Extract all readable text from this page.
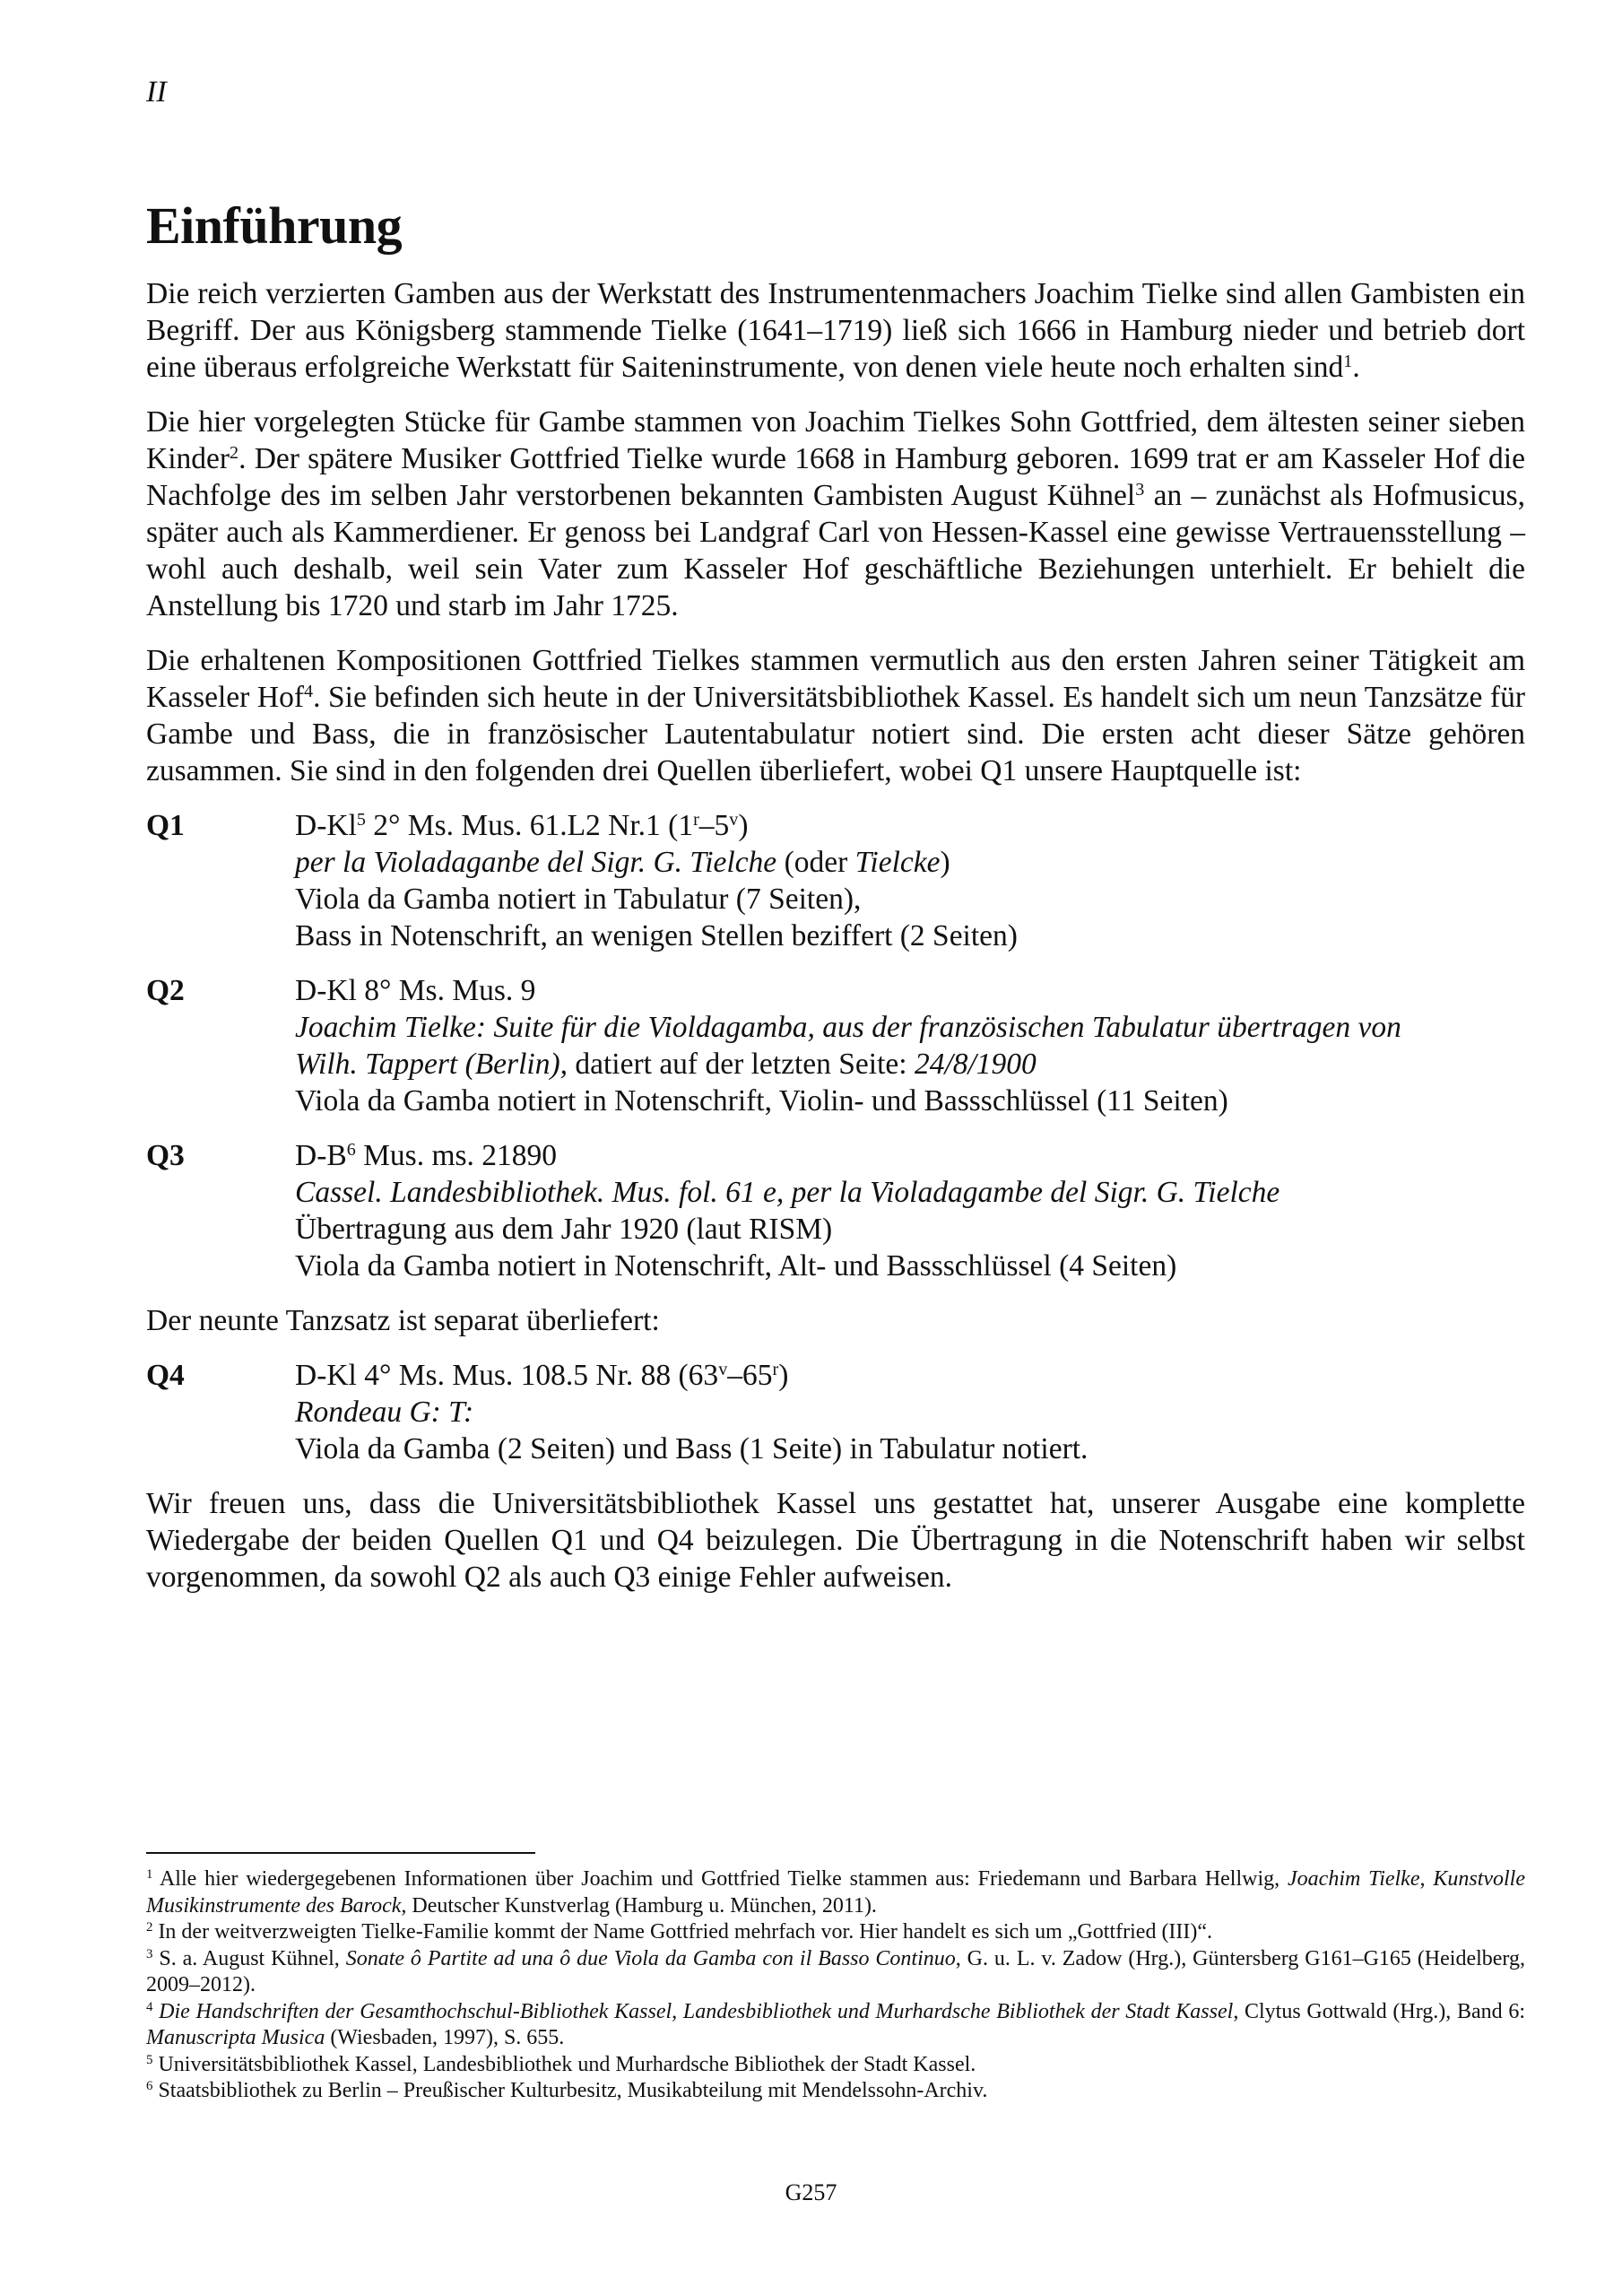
II
Einführung

Die reich verzierten Gamben aus der Werkstatt des Instrumentenmachers Joachim Tielke sind allen Gambisten ein Begriff. Der aus Königsberg stammende Tielke (1641–1719) ließ sich 1666 in Hamburg nieder und betrieb dort eine überaus erfolgreiche Werkstatt für Saiteninstrumente, von denen viele heute noch erhalten sind$^1$.

Die hier vorgelegten Stücke für Gambe stammen von Joachim Tielkes Sohn Gottfried, dem ältesten seiner sieben Kinder$^2$. Der spätere Musiker Gottfried Tielke wurde 1668 in Hamburg geboren. 1699 trat er am Kasseler Hof die Nachfolge des im selben Jahr verstorbenen bekannten Gambisten August Kühnel$^3$ an – zunächst als Hofmusicus, später auch als Kammerdiener. Er genoss bei Landgraf Carl von Hessen-Kassel eine gewisse Vertrauensstellung – wohl auch deshalb, weil sein Vater zum Kasseler Hof geschäftliche Beziehungen unterhielt. Er behielt die Anstellung bis 1720 und starb im Jahr 1725.

Die erhaltenen Kompositionen Gottfried Tielkes stammen vermutlich aus den ersten Jahren seiner Tätigkeit am Kasseler Hof$^4$. Sie befinden sich heute in der Universitätsbibliothek Kassel. Es handelt sich um neun Tanzsätze für Gambe und Bass, die in französischer Lautentabulatur notiert sind. Die ersten acht dieser Sätze gehören zusammen. Sie sind in den folgenden drei Quellen überliefert, wobei Q1 unsere Hauptquelle ist:

Q1	D-Kl$^5$ 2° Ms. Mus. 61.L2 Nr.1 (1$^r$–5$^v$)
per la Violadaganbe del Sigr. G. Tielche (oder Tielcke)
Viola da Gamba notiert in Tabulatur (7 Seiten),
Bass in Notenschrift, an wenigen Stellen beziffert (2 Seiten)
Q2	D-Kl 8° Ms. Mus. 9
Joachim Tielke: Suite für die Violdagamba, aus der französischen Tabulatur übertragen von
Wilh. Tappert (Berlin), datiert auf der letzten Seite: 24/8/1900
Viola da Gamba notiert in Notenschrift, Violin- und Bassschlüssel (11 Seiten)
Q3	$D-B^6$ Mus. ms. 21890
Cassel. Landesbibliothek. Mus. fol. 61 e, per la Violadagambe del Sigr. G. Tielche
Übertragung aus dem Jahr 1920 (laut RISM)
Viola da Gamba notiert in Notenschrift, Alt- und Bassschlüssel (4 Seiten)

Der neunte Tanzsatz ist separat überliefert:

Q4	D-Kl 4° Ms. Mus. 108.5 Nr. 88 (63$^v$–65$^r$)
Rondeau G: T:
Viola da Gamba (2 Seiten) und Bass (1 Seite) in Tabulatur notiert.

Wir freuen uns, dass die Universitätsbibliothek Kassel uns gestattet hat, unserer Ausgabe eine komplette Wiedergabe der beiden Quellen Q1 und Q4 beizulegen. Die Übertragung in die Notenschrift haben wir selbst vorgenommen, da sowohl Q2 als auch Q3 einige Fehler aufweisen.

$^1$ Alle hier wiedergegebenen Informationen über Joachim und Gottfried Tielke stammen aus: Friedemann und Barbara Hellwig, Joachim Tielke, Kunstvolle Musikinstrumente des Barock, Deutscher Kunstverlag (Hamburg u. München, 2011).

$^2$ In der weitverzweigten Tielke-Familie kommt der Name Gottfried mehrfach vor. Hier handelt es sich um „Gottfried (III)“.

$^3$ S. a. August Kühnel, Sonate ô Partite ad una ô due Viola da Gamba con il Basso Continuo, G. u. L. v. Zadow (Hrg.), Güntersberg G161–G165 (Heidelberg, 2009–2012).

$^4$ Die Handschriften der Gesamthochschul-Bibliothek Kassel, Landesbibliothek und Murhardsche Bibliothek der Stadt Kassel, Clytus Gottwald (Hrg.), Band 6: Manuscripta Musica (Wiesbaden, 1997), S. 655.

$^5$ Universitätsbibliothek Kassel, Landesbibliothek und Murhardsche Bibliothek der Stadt Kassel.

$^6$ Staatsbibliothek zu Berlin – Preußischer Kulturbesitz, Musikabteilung mit Mendelssohn-Archiv.

G257
